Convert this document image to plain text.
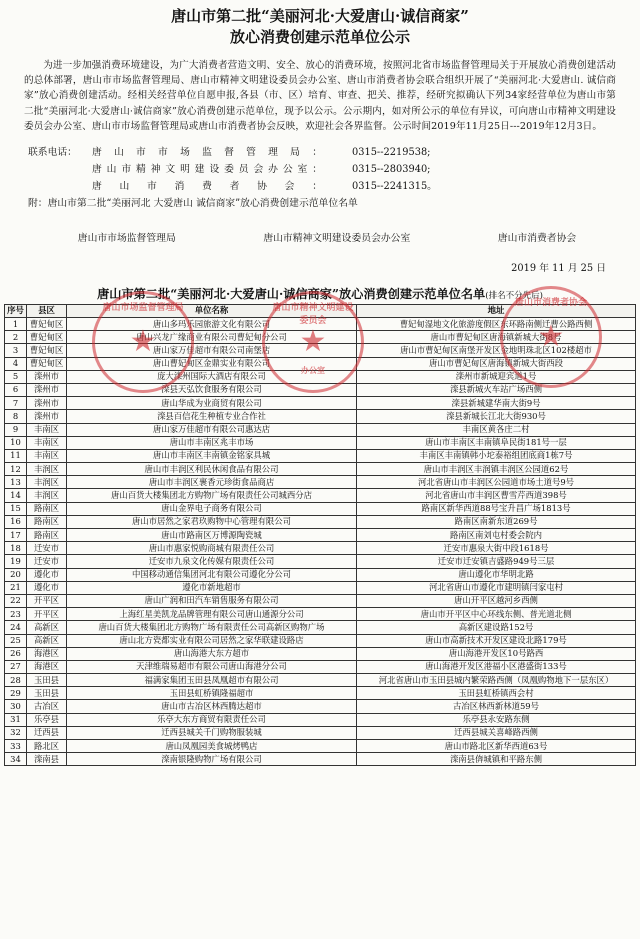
唐山市第二批“美丽河北·大爱唐山·诚信商家”
放心消费创建示范单位公示
为进一步加强消费环境建设，为广大消费者营造文明、安全、放心的消费环境，按照河北省市场监督管理局关于开展放心消费创建活动的总体部署，唐山市市场监督管理局、唐山市精神文明建设委员会办公室、唐山市消费者协会联合组织开展了“美丽河北·大爱唐山. 诚信商家”放心消费创建活动。经相关经营单位自愿申报,各县（市、区）培育、审查、把关、推荐，经研究拟确认下列34家经营单位为唐山市第二批“美丽河北·大爱唐山·诚信商家”放心消费创建示范单位，现予以公示。公示期内，如对所公示的单位有异议，可向唐山市精神文明建设委员会办公室、唐山市市场监督管理局或唐山市消费者协会反映，欢迎社会各界监督。公示时间2019年11月25日---2019年12月3日。
联系电话：	唐山市市场监督管理局：	0315--2219538;
唐山市精神文明建设委员会办公室：	0315--2803940;
唐山市消费者协会：	0315--2241315。
附：唐山市第二批“美丽河北 大爱唐山 诚信商家”放心消费创建示范单位名单
唐山市场监督管理局
★
唐山市精神文明建设委员会
★
办公室
唐山市消费者协会
★
唐山市市场监督管理局	唐山市精神文明建设委员会办公室	唐山市消费者协会
2019 年 11 月 25 日
唐山市第二批“美丽河北·大爱唐山·诚信商家”放心消费创建示范单位名单(排名不分先后)
序号	县区	单位名称	地址
1	曹妃甸区	唐山多玛乐园旅游文化有限公司	曹妃甸湿地文化旅游度假区东环路南侧迁曹公路西侧
2	曹妃甸区	唐山兴龙广缘商业有限公司曹妃甸分公司	唐山市曹妃甸区唐海镇新城大街8号
3	曹妃甸区	唐山家万佳超市有限公司南堡店	唐山市曹妃甸区南堡开发区金地明珠北区102楼超市
4	曹妃甸区	唐山曹妃甸区金鼎实业有限公司	唐山市曹妃甸区唐海镇新城大街西段
5	滦州市	庞大滦州国际大酒店有限公司	滦州市新城迎宾道1号
6	滦州市	滦县天弘饮食服务有限公司	滦县新城火车站广场西侧
7	滦州市	唐山华成为业商贸有限公司	滦县新城建华南大街9号
8	滦州市	滦县百信花生种植专业合作社	滦县新城长江北大街930号
9	丰南区	唐山家万佳超市有限公司惠达店	丰南区黄各庄二村
10	丰南区	唐山市丰南区兆丰市场	唐山市丰南区丰南镇阜民街181号一层
11	丰南区	唐山市丰南区丰南镇金铭家具城	丰南区丰南镇韩小坨泰裕组团底商1栋7号
12	丰润区	唐山市丰润区利民休闲食品有限公司	唐山市丰润区丰润镇丰润区公园道62号
13	丰润区	唐山市丰润区裹香元珍街食品商店	河北省唐山市丰润区公园道市场土道号9号
14	丰润区	唐山百货大楼集团北方购物广场有限责任公司城西分店	河北省唐山市丰润区曹雪芹西道398号
15	路南区	唐山金界电子商务有限公司	路南区新华西道88号宝升昌广场1813号
16	路南区	唐山市居然之家君玖购物中心管理有限公司	路南区南新东道269号
17	路南区	唐山市路南区万博源陶瓷城	路南区南刘屯村委会院内
18	迁安市	唐山市惠家悦购商城有限责任公司	迁安市惠泉大街中段1618号
19	迁安市	迁安市九泉文化传媒有限责任公司	迁安市迁安镇吉盛路949号三层
20	遵化市	中国移动通信集团河北有限公司遵化分公司	唐山遵化市华明北路
21	遵化市	遵化市新地超市	河北省唐山市遵化市建明镇闫家屯村
22	开平区	唐山广润和田汽车销售服务有限公司	唐山开平区越河乡西侧
23	开平区	上海红星美凯龙品牌管理有限公司唐山通源分公司	唐山市开平区中心环线东侧、普光道北侧
24	高新区	唐山百货大楼集团北方购物广场有限责任公司高新区购物广场	高新区建设路152号
25	高新区	唐山北方瓷都实业有限公司居然之家华联建设路店	唐山市高新技术开发区建设北路179号
26	海港区	唐山海港大东方超市	唐山海港开发区10号路西
27	海港区	天津维瑞易超市有限公司唐山海港分公司	唐山海港开发区港福小区港盛街133号
28	玉田县	福满家集团玉田县凤凰超市有限公司	河北省唐山市玉田县城内繁荣路西侧（凤凰购物地下一层东区）
29	玉田县	玉田县虹桥镇隆福超市	玉田县虹桥镇西会村
30	古冶区	唐山市古冶区林西腾达超市	古冶区林西新林道59号
31	乐亭县	乐亭大东方商贸有限责任公司	乐亭县永安路东侧
32	迁西县	迁西县城关千门购物服装城	迁西县城关喜峰路西侧
33	路北区	唐山凤凰园美食城烤鸭店	唐山市路北区新华西道63号
34	滦南县	滦南银隆购物广场有限公司	滦南县倴城镇和平路东侧
